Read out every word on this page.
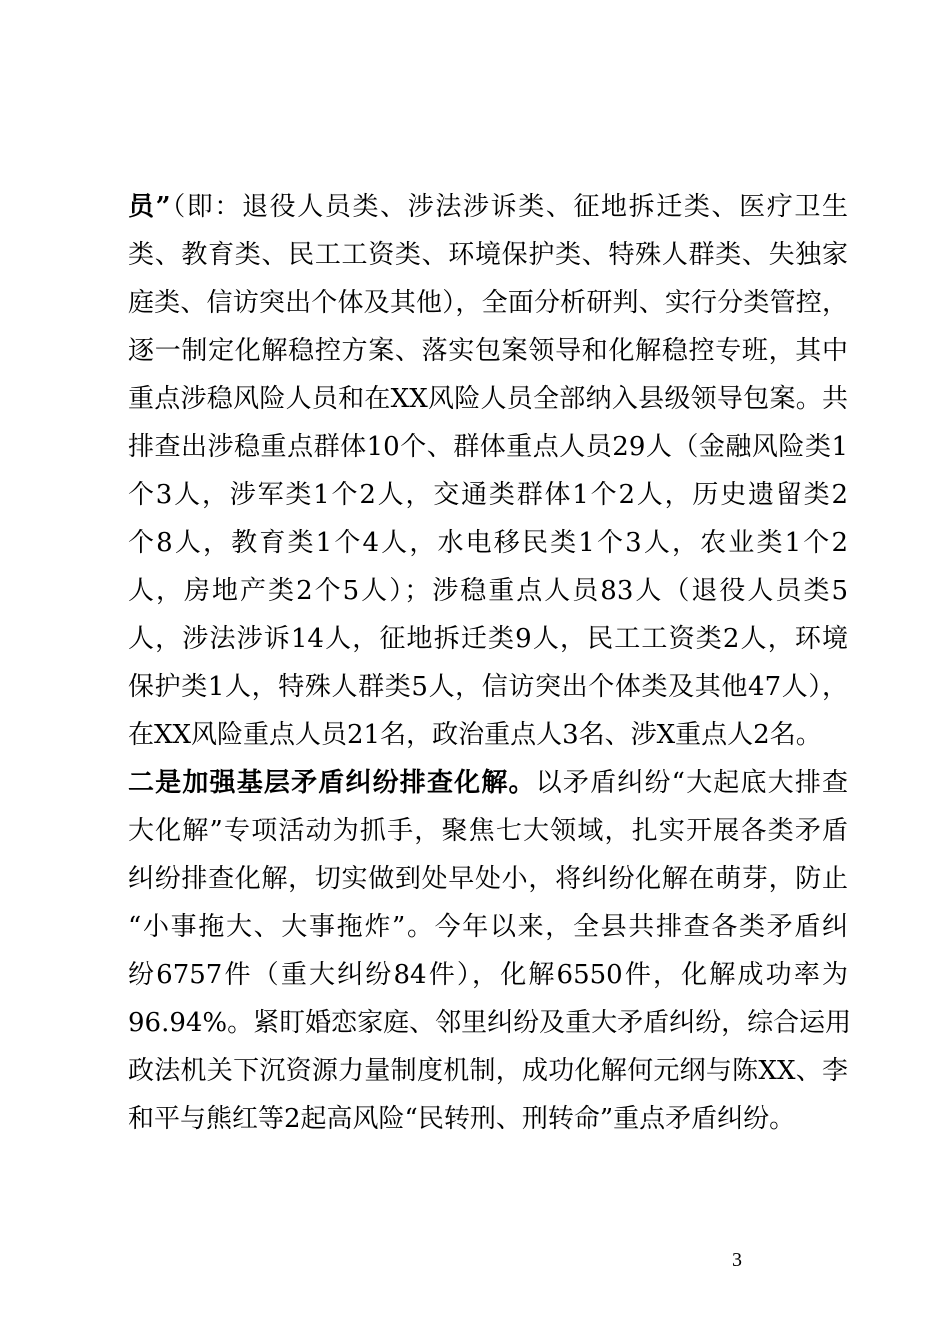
员”（即：退役人员类、涉法涉诉类、征地拆迁类、医疗卫生
类、教育类、民工工资类、环境保护类、特殊人群类、失独家
庭类、信访突出个体及其他），全面分析研判、实行分类管控，
逐一制定化解稳控方案、落实包案领导和化解稳控专班，其中
重点涉稳风险人员和在XX风险人员全部纳入县级领导包案。共
排查出涉稳重点群体10个、群体重点人员29人（金融风险类1
个3人，涉军类1个2人，交通类群体1个2人，历史遗留类2
个8人，教育类1个4人，水电移民类1个3人，农业类1个2
人，房地产类2个5人）；涉稳重点人员83人（退役人员类5
人，涉法涉诉14人，征地拆迁类9人，民工工资类2人，环境
保护类1人，特殊人群类5人，信访突出个体类及其他47人），
在XX风险重点人员21名，政治重点人3名、涉X重点人2名。
二是加强基层矛盾纠纷排查化解。以矛盾纠纷“大起底大排查
大化解”专项活动为抓手，聚焦七大领域，扎实开展各类矛盾
纠纷排查化解，切实做到处早处小，将纠纷化解在萌芽，防止
“小事拖大、大事拖炸”。今年以来，全县共排查各类矛盾纠
纷6757件（重大纠纷84件），化解6550件，化解成功率为
96.94%。紧盯婚恋家庭、邻里纠纷及重大矛盾纠纷，综合运用
政法机关下沉资源力量制度机制，成功化解何元纲与陈XX、李
和平与熊红等2起高风险“民转刑、刑转命”重点矛盾纠纷。
3
